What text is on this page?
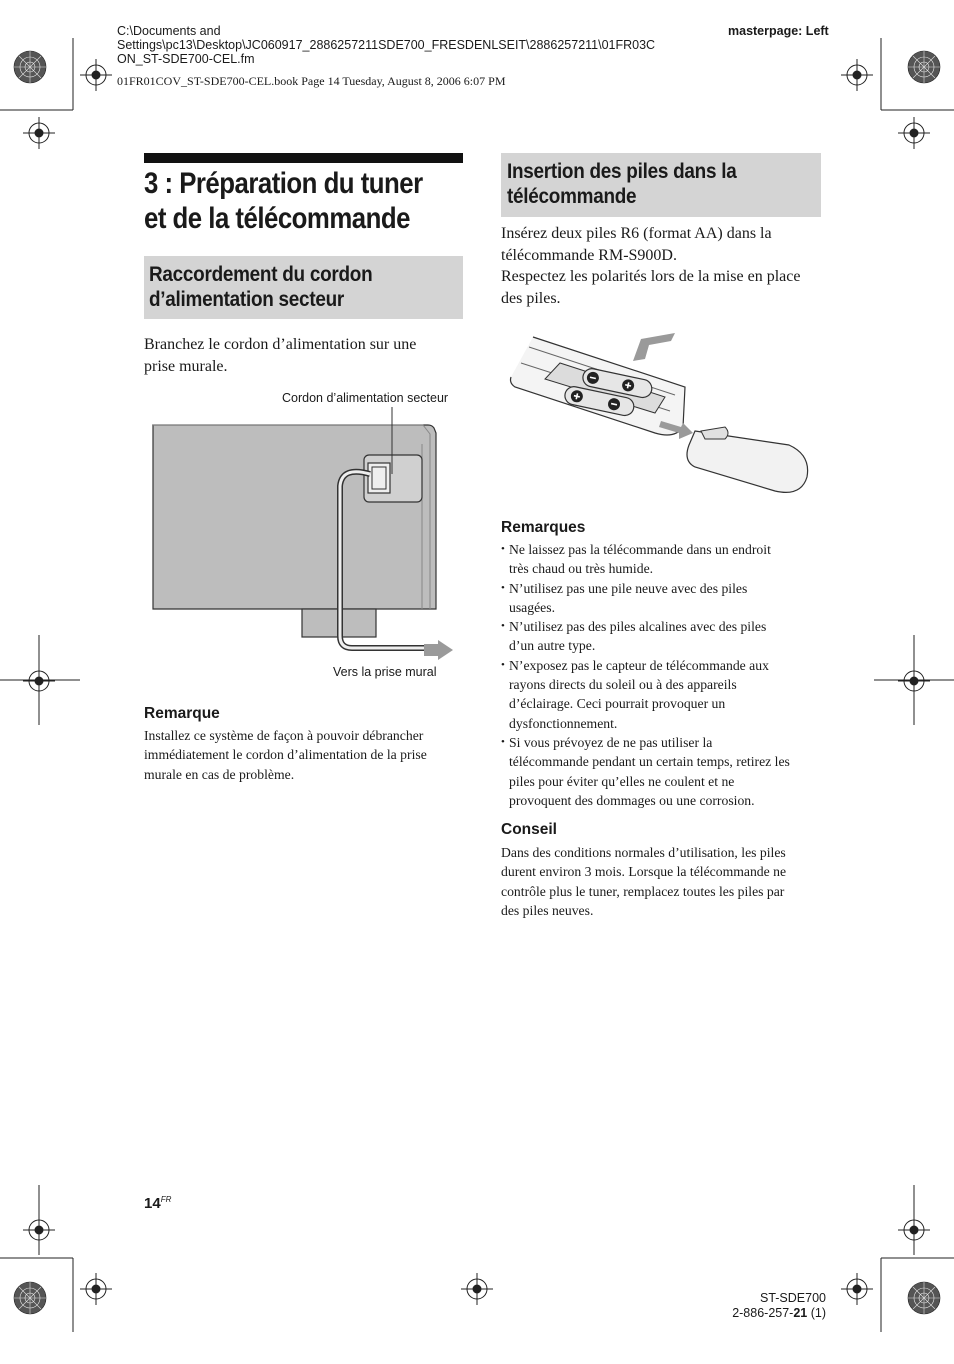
C:\Documents and
Settings\pc13\Desktop\JC060917_2886257211SDE700_FRESDENLSEIT\2886257211\01FR03C
ON_ST-SDE700-CEL.fm
01FR01COV_ST-SDE700-CEL.book Page 14 Tuesday, August 8, 2006 6:07 PM
masterpage: Left
3 : Préparation du tuner
et de la télécommande
Raccordement du cordon
d’alimentation secteur
Branchez le cordon d’alimentation sur une
prise murale.
Cordon d’alimentation secteur
Vers la prise mural
Remarque
Installez ce système de façon à pouvoir débrancher
immédiatement le cordon d’alimentation de la prise
murale en cas de problème.
Insertion des piles dans la
télécommande
Insérez deux piles R6 (format AA) dans la
télécommande RM-S900D.
Respectez les polarités lors de la mise en place
des piles.
Remarques
• Ne laissez pas la télécommande dans un endroit
très chaud ou très humide.
• N’utilisez pas une pile neuve avec des piles
usagées.
• N’utilisez pas des piles alcalines avec des piles
d’un autre type.
• N’exposez pas le capteur de télécommande aux
rayons directs du soleil ou à des appareils
d’éclairage. Ceci pourrait provoquer un
dysfonctionnement.
• Si vous prévoyez de ne pas utiliser la
télécommande pendant un certain temps, retirez les
piles pour éviter qu’elles ne coulent et ne
provoquent des dommages ou une corrosion.
Conseil
Dans des conditions normales d’utilisation, les piles
durent environ 3 mois. Lorsque la télécommande ne
contrôle plus le tuner, remplacez toutes les piles par
des piles neuves.
$14^{FR}$
ST-SDE700
2-886-257-21 (1)
